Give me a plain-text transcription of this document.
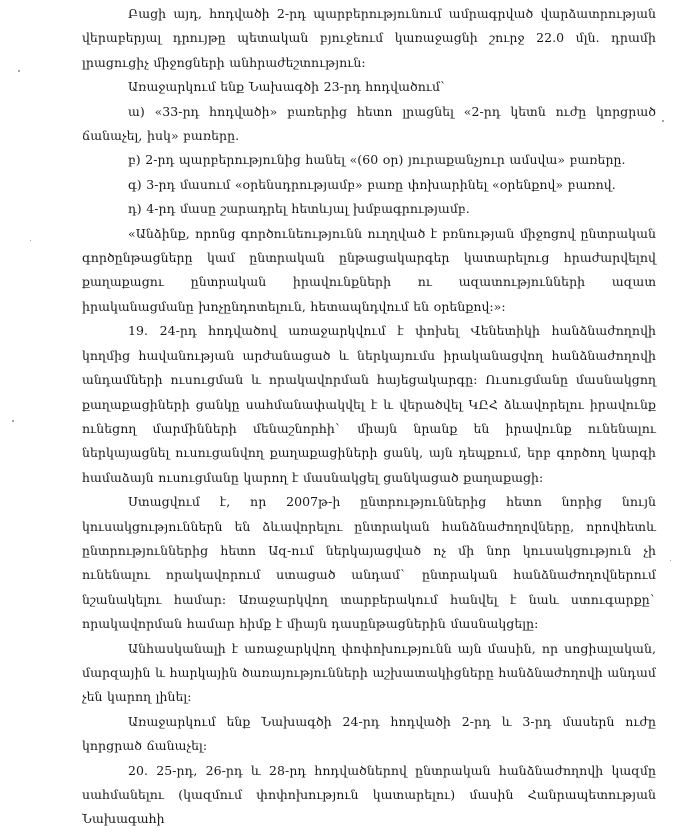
Բացի այդ, հոդվածի 2-րդ պարբերությունում ամրագրված վարձատրության վերաբերյալ դրույթը պետական բյուջեում կառաջացնի շուրջ 22.0 մլն. դրամի լրացուցիչ միջոցների անհրաժեշտություն:

Առաջարկում ենք Նախագծի 23-րդ հոդվածում`

ա) «33-րդ հոդվածի» բառերից հետո լրացնել «2-րդ կետն ուժը կորցրած ճանաչել, իսկ» բառերը.

բ) 2-րդ պարբերությունից հանել «(60 օր) յուրաքանչյուր ամսվա» բառերը.

գ) 3-րդ մասում «օրենսդրությամբ» բառը փոխարինել «օրենքով» բառով.

դ) 4-րդ մասը շարադրել հետևյալ խմբագրությամբ.

«Անձինք, որոնց գործունեությունն ուղղված է բռնության միջոցով ընտրական գործընթացները կամ ընտրական ընթացակարգեր կատարելուց հրաժարվելով քաղաքացու ընտրական իրավունքների ու ազատությունների ազատ իրականացմանը խոչընդոտելուն, հետապնդվում են օրենքով:»:

19. 24-րդ հոդվածով առաջարկվում է փոխել Վենետիկի հանձնաժողովի կողմից հավանության արժանացած և ներկայումս իրականացվող հանձնաժողովի անդամների ուսուցման և որակավորման հայեցակարգը: Ուսուցմանը մասնակցող քաղաքացիների ցանկը սահմանափակվել է և վերածվել ԿԸՀ ձևավորելու իրավունք ունեցող մարմինների մենաշնորհի` միայն նրանք են իրավունք ունենալու ներկայացնել ուսուցանվող քաղաքացիների ցանկ, այն դեպքում, երբ գործող կարգի համաձայն ուսուցմանը կարող է մասնակցել ցանկացած քաղաքացի:

Ստացվում է, որ 2007թ-ի ընտրություններից հետո նորից նույն կուսակցություններն են ձևավորելու ընտրական հանձնաժողովները, որովհետև ընտրություններից հետո Ազ-ում ներկայացված ոչ մի նոր կուսակցություն չի ունենալու որակավորում ստացած անդամ` ընտրական հանձնաժողովներում նշանակելու համար: Առաջարկվող տարբերակում հանվել է նաև ստուգարքը` որակավորման համար հիմք է միայն դասընթացներին մասնակցելը:

Անհասկանալի է առաջարկվող փոփոխությունն այն մասին, որ սոցիալական, մարզային և հարկային ծառայությունների աշխատակիցները հանձնաժողովի անդամ չեն կարող լինել:

Առաջարկում ենք Նախագծի 24-րդ հոդվածի 2-րդ և 3-րդ մասերն ուժը կորցրած ճանաչել:

20. 25-րդ, 26-րդ և 28-րդ հոդվածներով ընտրական հանձնաժողովի կազմը սահմանելու (կազմում փոփոխություն կատարելու) մասին Հանրապետության Նախագահի
